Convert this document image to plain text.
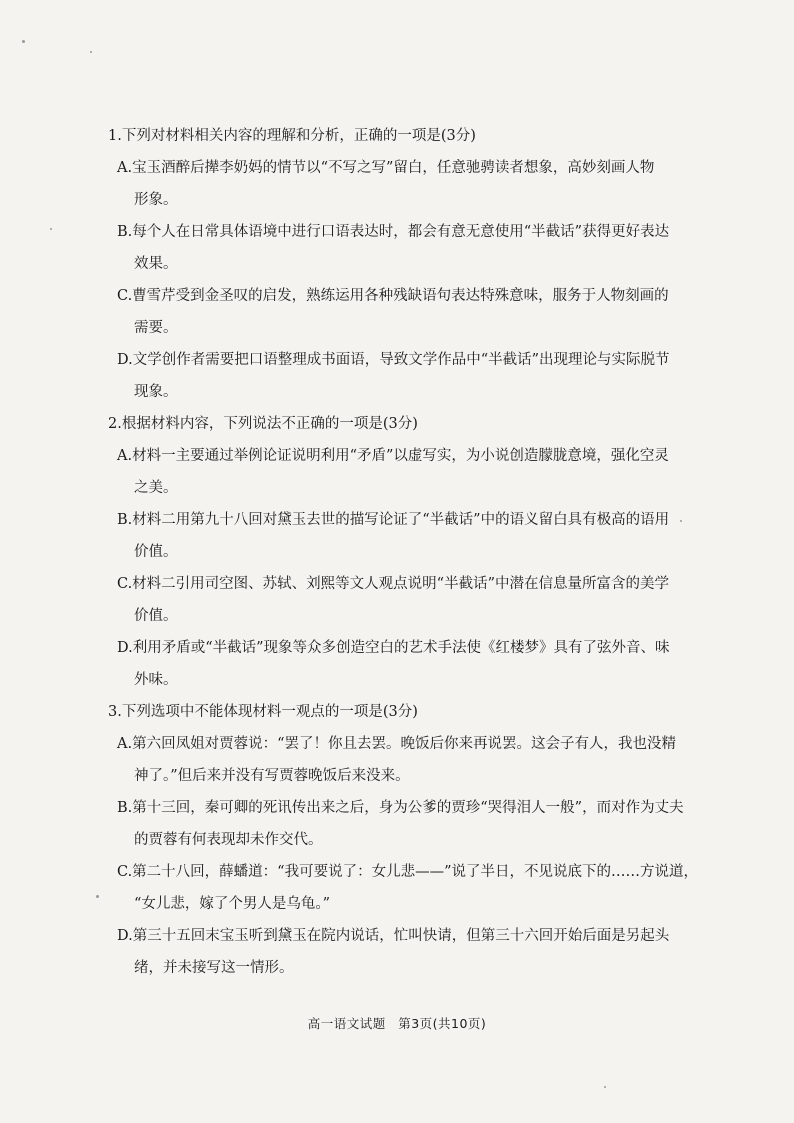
1.下列对材料相关内容的理解和分析，正确的一项是(3分)

A.宝玉酒醉后撵李奶妈的情节以“不写之写”留白，任意驰骋读者想象，高妙刻画人物
形象。
B.每个人在日常具体语境中进行口语表达时，都会有意无意使用“半截话”获得更好表达
效果。
C.曹雪芹受到金圣叹的启发，熟练运用各种残缺语句表达特殊意味，服务于人物刻画的
需要。
D.文学创作者需要把口语整理成书面语，导致文学作品中“半截话”出现理论与实际脱节
现象。

2.根据材料内容，下列说法不正确的一项是(3分)

A.材料一主要通过举例论证说明利用“矛盾”以虚写实，为小说创造朦胧意境，强化空灵
之美。
B.材料二用第九十八回对黛玉去世的描写论证了“半截话”中的语义留白具有极高的语用
价值。
C.材料二引用司空图、苏轼、刘熙等文人观点说明“半截话”中潜在信息量所富含的美学
价值。
D.利用矛盾或“半截话”现象等众多创造空白的艺术手法使《红楼梦》具有了弦外音、味
外味。

3.下列选项中不能体现材料一观点的一项是(3分)

A.第六回凤姐对贾蓉说：“罢了！你且去罢。晚饭后你来再说罢。这会子有人，我也没精
神了。”但后来并没有写贾蓉晚饭后来没来。
B.第十三回，秦可卿的死讯传出来之后，身为公爹的贾珍“哭得泪人一般”，而对作为丈夫
的贾蓉有何表现却未作交代。
C.第二十八回，薛蟠道：“我可要说了：女儿悲——”说了半日，不见说底下的……方说道，
“女儿悲，嫁了个男人是乌龟。”
D.第三十五回末宝玉听到黛玉在院内说话，忙叫快请，但第三十六回开始后面是另起头
绪，并未接写这一情形。
高一语文试题 第3页(共10页)
